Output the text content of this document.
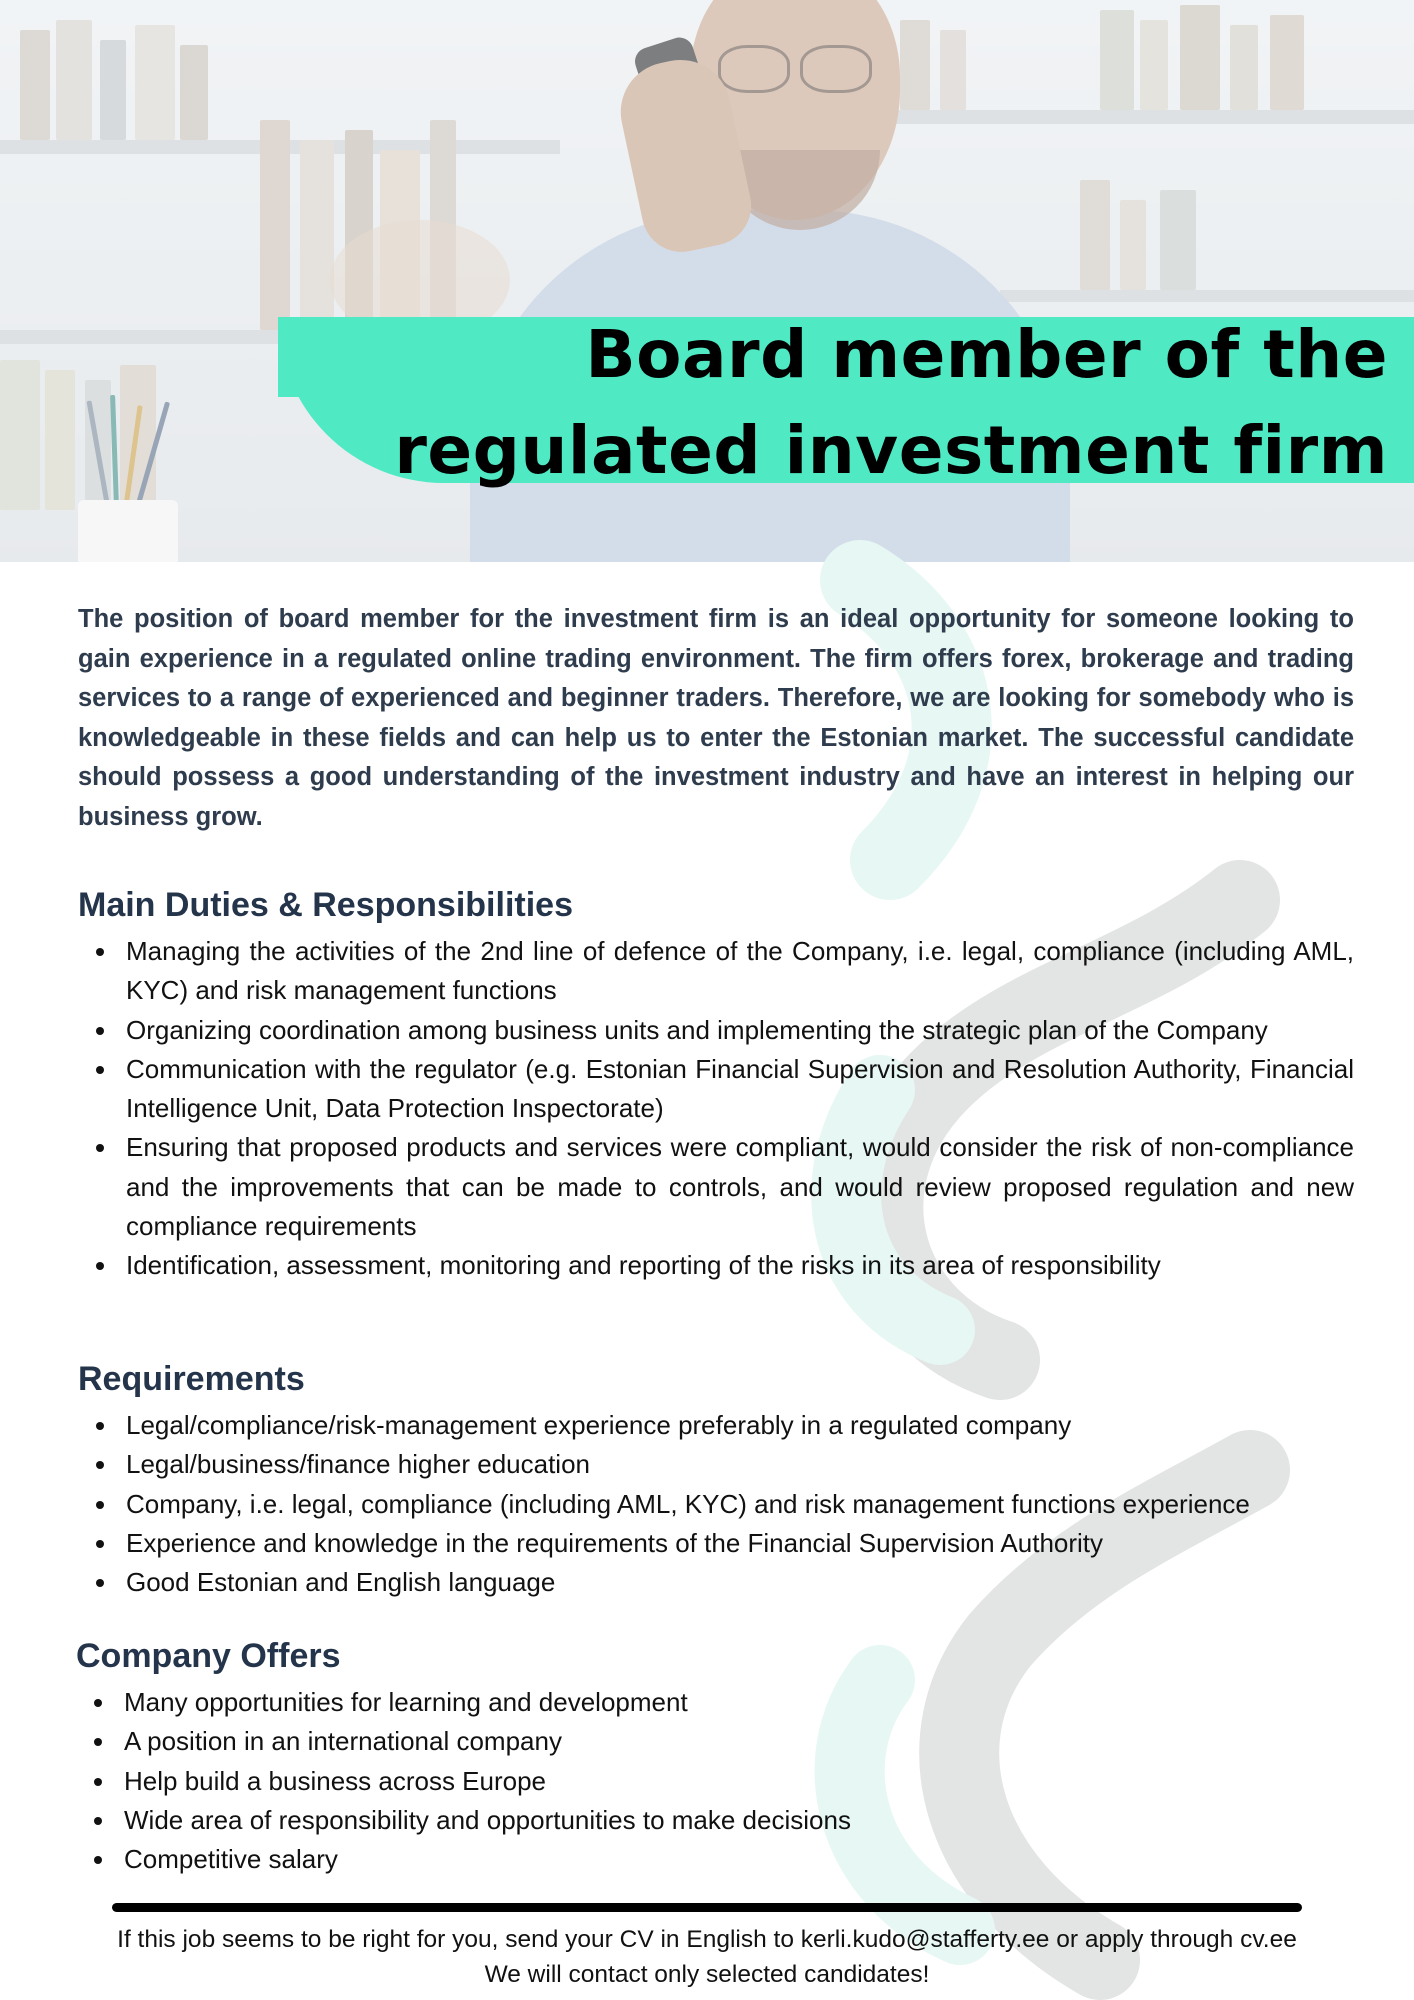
Board member of the
regulated investment firm

The position of board member for the investment firm is an ideal opportunity for someone looking to gain experience in a regulated online trading environment. The firm offers forex, brokerage and trading services to a range of experienced and beginner traders. Therefore, we are looking for somebody who is knowledgeable in these fields and can help us to enter the Estonian market. The successful candidate should possess a good understanding of the investment industry and have an interest in helping our business grow.

Main Duties & Responsibilities
Managing the activities of the 2nd line of defence of the Company, i.e. legal, compliance (including AML, KYC) and risk management functions
Organizing coordination among business units and implementing the strategic plan of the Company
Communication with the regulator (e.g. Estonian Financial Supervision and Resolution Authority, Financial Intelligence Unit, Data Protection Inspectorate)
Ensuring that proposed products and services were compliant, would consider the risk of non-compliance and the improvements that can be made to controls, and would review proposed regulation and new compliance requirements
Identification, assessment, monitoring and reporting of the risks in its area of responsibility
Requirements
Legal/compliance/risk-management experience preferably in a regulated company
Legal/business/finance higher education
Company, i.e. legal, compliance (including AML, KYC) and risk management functions experience
Experience and knowledge in the requirements of the Financial Supervision Authority
Good Estonian and English language
Company Offers
Many opportunities for learning and development
A position in an international company
Help build a business across Europe
Wide area of responsibility and opportunities to make decisions
Competitive salary

If this job seems to be right for you, send your CV in English to kerli.kudo@stafferty.ee or apply through cv.ee

We will contact only selected candidates!
